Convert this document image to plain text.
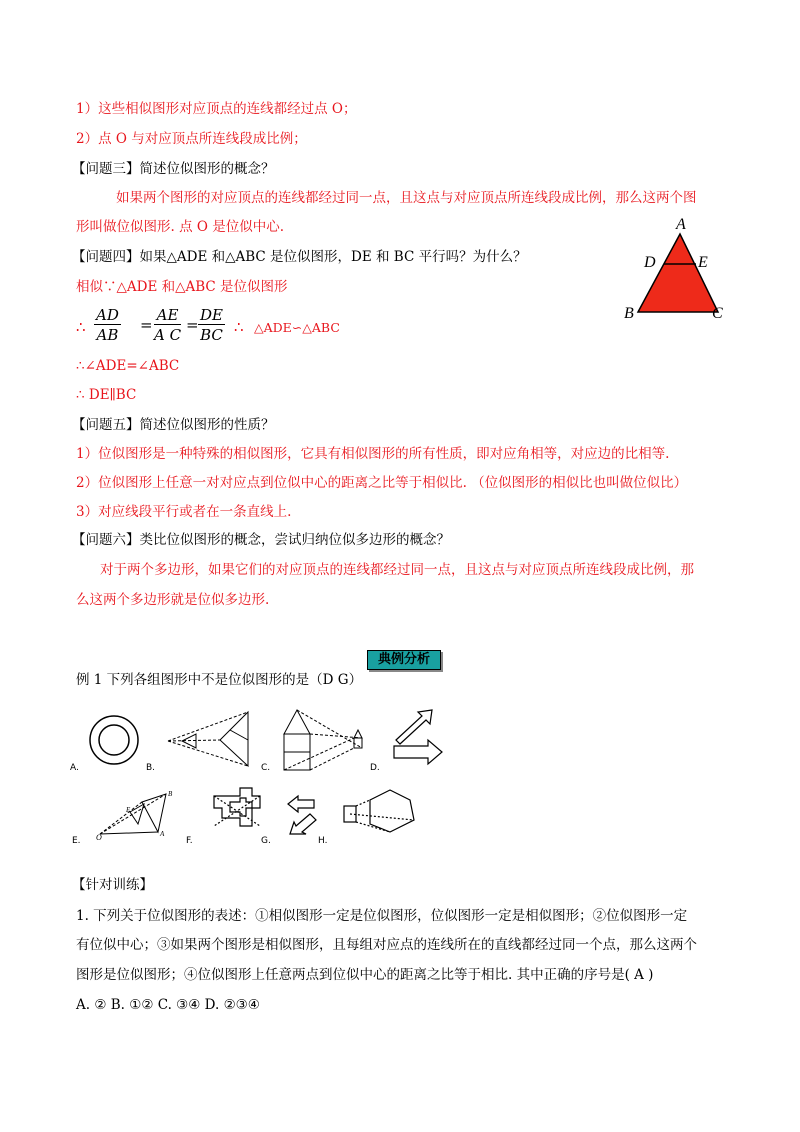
1）这些相似图形对应顶点的连线都经过点 O；
2）点 O 与对应顶点所连线段成比例；
【问题三】简述位似图形的概念？
如果两个图形的对应顶点的连线都经过同一点，且这点与对应顶点所连线段成比例，那么这两个图
形叫做位似图形. 点 O 是位似中心.
【问题四】如果△ADE 和△ABC 是位似图形，DE 和 BC 平行吗？为什么？
相似∵△ADE 和△ABC 是位似图形
∴ $\frac{AD}{AB} = \frac{AE}{\text{A C}} = \frac{DE}{BC}$ ∴ △ADE∽△ABC
∴∠ADE=∠ABC
∴ DE∥BC
【问题五】简述位似图形的性质？
1）位似图形是一种特殊的相似图形，它具有相似图形的所有性质，即对应角相等，对应边的比相等.
2）位似图形上任意一对对应点到位似中心的距离之比等于相似比. （位似图形的相似比也叫做位似比）
3）对应线段平行或者在一条直线上.
【问题六】类比位似图形的概念，尝试归纳位似多边形的概念？
对于两个多边形，如果它们的对应顶点的连线都经过同一点，且这点与对应顶点所连线段成比例，那
么这两个多边形就是位似多边形.
A
D	E
B	C
典例分析
例 1 下列各组图形中不是位似图形的是（D G）
O
E
B
A
A.	B.	C.	D.
E.	F.	G.	H.
【针对训练】
1. 下列关于位似图形的表述：①相似图形一定是位似图形，位似图形一定是相似图形；②位似图形一定
有位似中心；③如果两个图形是相似图形，且每组对应点的连线所在的直线都经过同一个点，那么这两个
图形是位似图形；④位似图形上任意两点到位似中心的距离之比等于相比. 其中正确的序号是( A )
A. ② B. ①② C. ③④ D. ②③④
